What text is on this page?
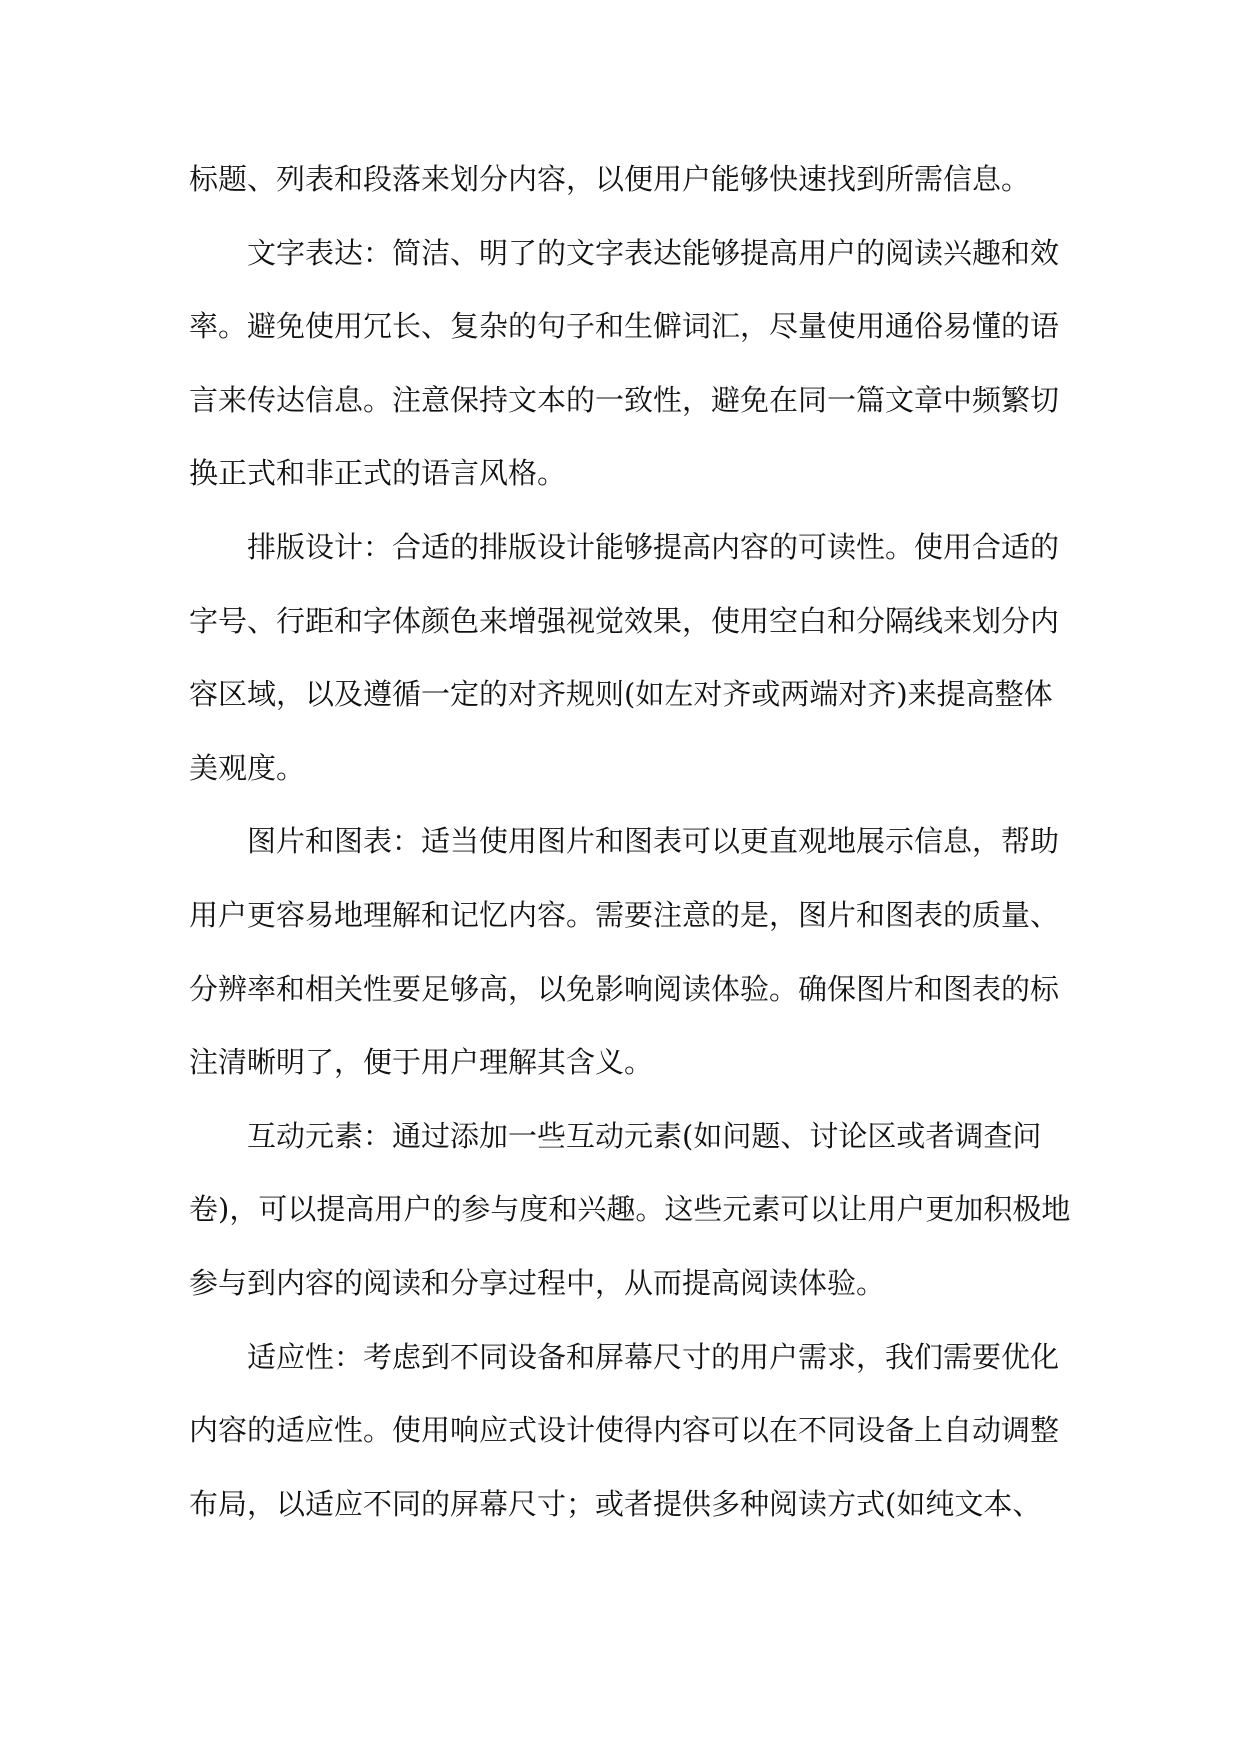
标题、列表和段落来划分内容，以便用户能够快速找到所需信息。
文字表达：简洁、明了的文字表达能够提高用户的阅读兴趣和效
率。避免使用冗长、复杂的句子和生僻词汇，尽量使用通俗易懂的语
言来传达信息。注意保持文本的一致性，避免在同一篇文章中频繁切
换正式和非正式的语言风格。
排版设计：合适的排版设计能够提高内容的可读性。使用合适的
字号、行距和字体颜色来增强视觉效果，使用空白和分隔线来划分内
容区域，以及遵循一定的对齐规则(如左对齐或两端对齐)来提高整体
美观度。
图片和图表：适当使用图片和图表可以更直观地展示信息，帮助
用户更容易地理解和记忆内容。需要注意的是，图片和图表的质量、
分辨率和相关性要足够高，以免影响阅读体验。确保图片和图表的标
注清晰明了，便于用户理解其含义。
互动元素：通过添加一些互动元素(如问题、讨论区或者调查问
卷)，可以提高用户的参与度和兴趣。这些元素可以让用户更加积极地
参与到内容的阅读和分享过程中，从而提高阅读体验。
适应性：考虑到不同设备和屏幕尺寸的用户需求，我们需要优化
内容的适应性。使用响应式设计使得内容可以在不同设备上自动调整
布局，以适应不同的屏幕尺寸；或者提供多种阅读方式(如纯文本、
